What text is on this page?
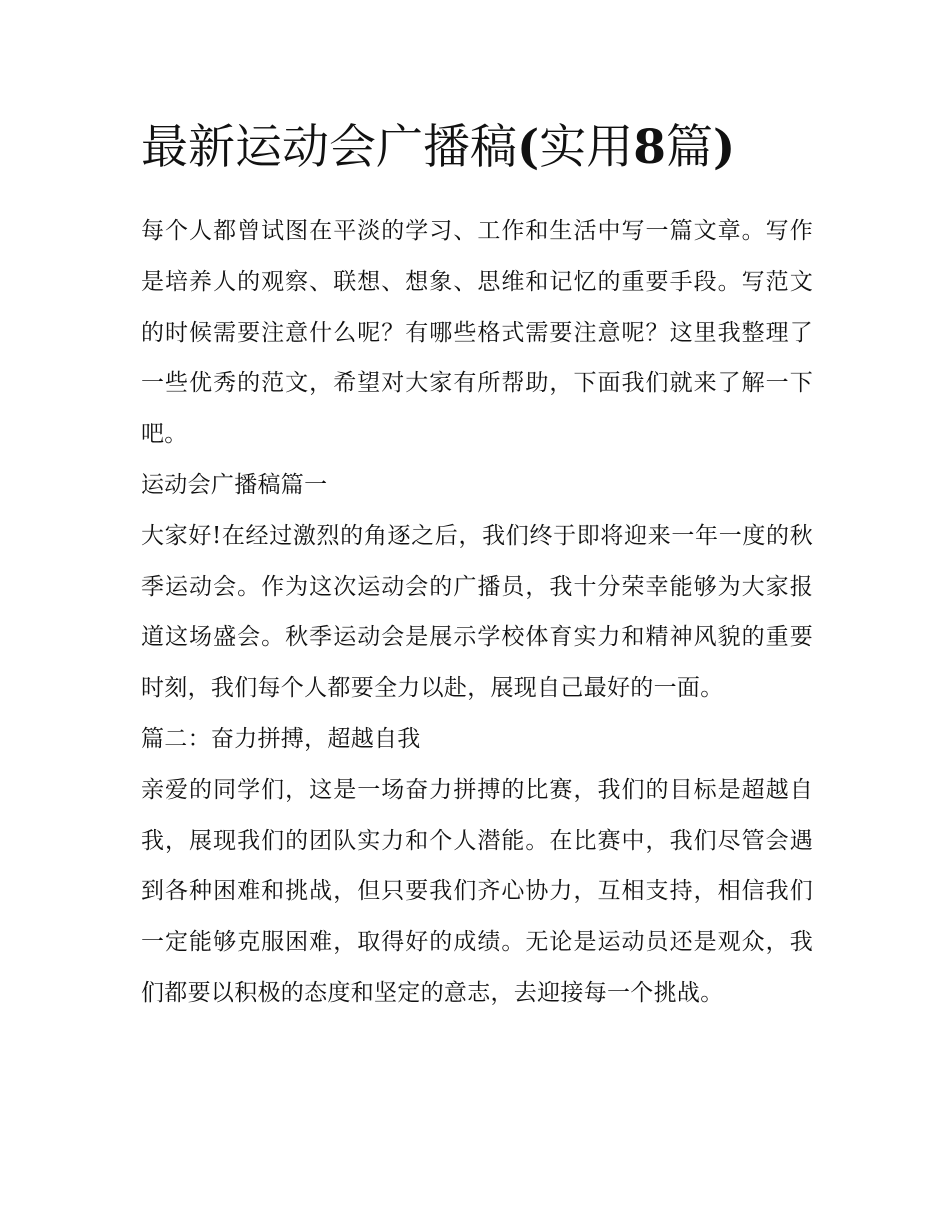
最新运动会广播稿(实用8篇)

每个人都曾试图在平淡的学习、工作和生活中写一篇文章。写作是培养人的观察、联想、想象、思维和记忆的重要手段。写范文的时候需要注意什么呢？有哪些格式需要注意呢？这里我整理了一些优秀的范文，希望对大家有所帮助，下面我们就来了解一下吧。

运动会广播稿篇一

大家好!在经过激烈的角逐之后，我们终于即将迎来一年一度的秋季运动会。作为这次运动会的广播员，我十分荣幸能够为大家报道这场盛会。秋季运动会是展示学校体育实力和精神风貌的重要时刻，我们每个人都要全力以赴，展现自己最好的一面。

篇二：奋力拼搏，超越自我

亲爱的同学们，这是一场奋力拼搏的比赛，我们的目标是超越自我，展现我们的团队实力和个人潜能。在比赛中，我们尽管会遇到各种困难和挑战，但只要我们齐心协力，互相支持，相信我们一定能够克服困难，取得好的成绩。无论是运动员还是观众，我们都要以积极的态度和坚定的意志，去迎接每一个挑战。
